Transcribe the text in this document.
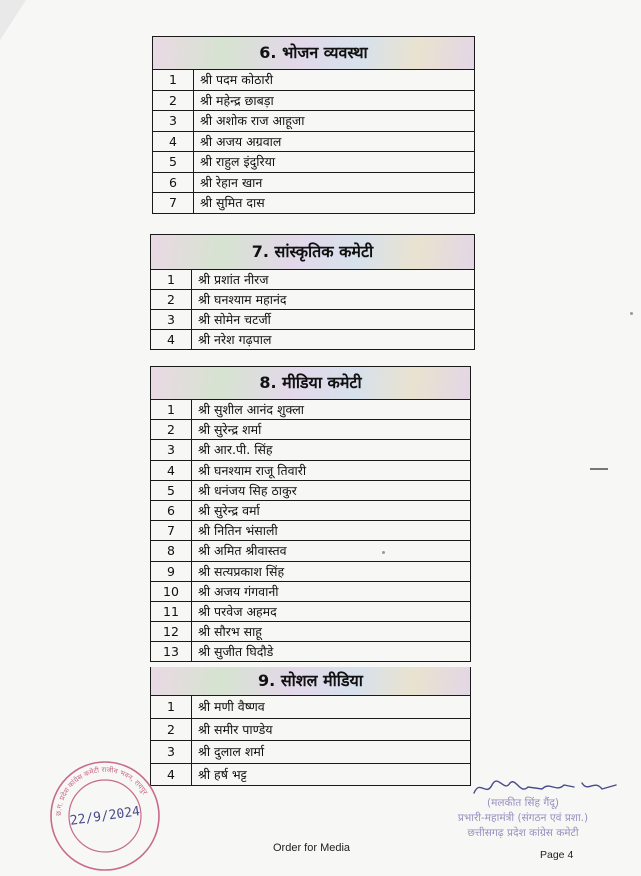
6. भोजन व्यवस्था
1	श्री पदम कोठारी
2	श्री महेन्द्र छाबड़ा
3	श्री अशोक राज आहूजा
4	श्री अजय अग्रवाल
5	श्री राहुल इंदुरिया
6	श्री रेहान खान
7	श्री सुमित दास
7. सांस्कृतिक कमेटी
1	श्री प्रशांत नीरज
2	श्री घनश्याम महानंद
3	श्री सोमेन चटर्जी
4	श्री नरेश गढ़पाल
8. मीडिया कमेटी
1	श्री सुशील आनंद शुक्ला
2	श्री सुरेन्द्र शर्मा
3	श्री आर.पी. सिंह
4	श्री घनश्याम राजू तिवारी
5	श्री धनंजय सिह ठाकुर
6	श्री सुरेन्द्र वर्मा
7	श्री नितिन भंसाली
8	श्री अमित श्रीवास्तव
9	श्री सत्यप्रकाश सिंह
10	श्री अजय गंगवानी
11	श्री परवेज अहमद
12	श्री सौरभ साहू
13	श्री सुजीत घिदौडे
9. सोशल मीडिया
1	श्री मणी वैष्णव
2	श्री समीर पाण्डेय
3	श्री दुलाल शर्मा
4	श्री हर्ष भट्ट
छ.ग. प्रदेश कांग्रेस कमेटी राजीव भवन, रायपुर
22/9/2024
(मलकीत सिंह गैंदू)
प्रभारी-महामंत्री (संगठन एवं प्रशा.)
छत्तीसगढ़ प्रदेश कांग्रेस कमेटी
Order for Media
Page 4
